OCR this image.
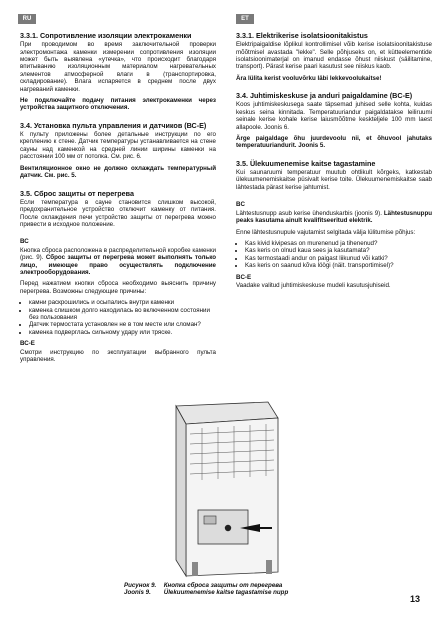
RU	ET
3.3.1. Сопротивление изоляции электрокаменки
При проводимом во время заключительной проверки электромонтажа каменки измерении сопротивления изоляции может быть выявлена «утечка», что происходит благодаря впитыванию изоляционным материалом нагревательных элементов атмосферной влаги в (транспортировка, складирование). Влага испаряется в среднем после двух нагреваний каменки.
Не подключайте подачу питания электрокаменки через устройства защитного отключения.
3.4. Установка пульта управления и датчиков (ВС-Е)
К пульту приложены более детальные инструкции по его креплению к стене. Датчик температуры устанавливается на стене сауны над каменкой на средней линии ширины каменки на расстоянии 100 мм от потолка. См. рис. 6.
Вентиляционное окно не должно охлаждать температурный датчик. См. рис. 5.
3.5. Сброс защиты от перегрева
Если температура в сауне становится слишком высокой, предохранительное устройство отключит каменку от питания. После охлаждения печи устройство защиты от перегрева можно привести в исходное положение.
ВС
Кнопка сброса расположена в распределительной коробке каменки (рис. 9). Сброс защиты от перегрева может выполнять только лицо, имеющее право осуществлять подключение электрооборудования.
Перед нажатием кнопки сброса необходимо выяснить причину перегрева. Возможны следующие причины:
• камни раскрошились и осыпались внутри каменки
• каменка слишком долго находилась во включенном состоянии без пользования
• Датчик термостата установлен не в том месте или сломан?
• каменка подверглась сильному удару или тряске.
ВС-Е
Смотри инструкцию по эксплуатации выбранного пульта управления.
3.3.1. Elektrikerise isolatsioonitakistus
Elektripaigaldise lõplikul kontrollimisel võib kerise isolatsioonitakistuse mõõtmisel avastada "lekke". Selle põhjuseks on, et kütteelementide isolatsioonimaterjal on imanud endasse õhust niiskust (säilitamine, transport). Pärast kerise paari kasutust see niiskus kaob.
Ära lülita kerist vooluvõrku läbi lekkevoolukaitse!
3.4. Juhtimiskeskuse ja anduri paigaldamine (BC-E)
Koos juhtimiskeskusega saate täpsemad juhised selle kohta, kuidas keskus seina kinnitada. Temperatuuriandur paigaldatakse leiliruumi seinale kerise kohale kerise laiusmõõtme keskteljele 100 mm laest allapoole. Joonis 6.
Ärge paigaldage õhu juurdevoolu nii, et õhuvool jahutaks temperatuuriandurit. Joonis 5.
3.5. Ülekuumenemise kaitse tagastamine
Kui saunaruumi temperatuur muutub ohtlikult kõrgeks, katkestab ülekuumenemiskaitse püsivalt kerise toite. Ülekuumenemiskaitse saab lähtestada pärast kerise jahtumist.
BC
Lähtestusnupp asub kerise ühenduskarbis (joonis 9). Lähtestusnuppu peaks kasutama ainult kvalifitseeritud elektrik.
Enne lähtestusnupule vajutamist selgitada välja lülitumise põhjus:
• Kas kivid kivipesas on murenenud ja tihenenud?
• Kas keris on olnud kaua sees ja kasutamata?
• Kas termostaadi andur on paigast liikunud või katki?
• Kas keris on saanud kõva löögi (näit. transportimisel)?
BC-E
Vaadake valitud juhtimiskeskuse mudeli kasutusjuhiseid.
Рисунок 9. Кнопка сброса защиты от перегрева
Joonis 9. Ülekuumenemise kaitse tagastamise nupp
13
